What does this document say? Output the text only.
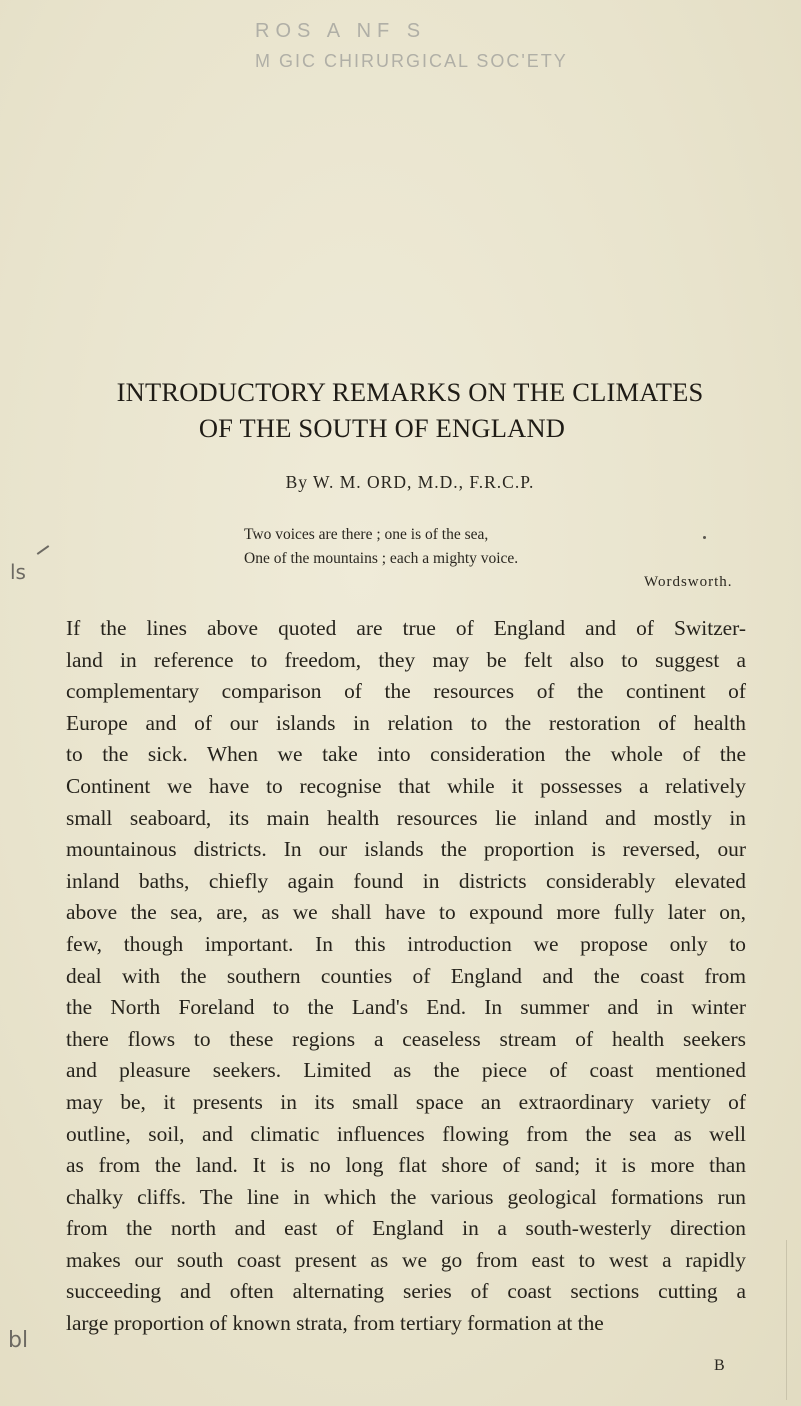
ROS A NF S
M GIC CHIRURGICAL SOC'ETY
INTRODUCTORY REMARKS ON THE CLIMATES
OF THE SOUTH OF ENGLAND
By W. M. ORD, M.D., F.R.C.P.
Two voices are there ; one is of the sea,
One of the mountains ; each a mighty voice.
Wordsworth.
ls
If the lines above quoted are true of England and of Switzer-
land in reference to freedom, they may be felt also to suggest a
complementary comparison of the resources of the continent of
Europe and of our islands in relation to the restoration of health
to the sick. When we take into consideration the whole of the
Continent we have to recognise that while it possesses a relatively
small seaboard, its main health resources lie inland and mostly in
mountainous districts. In our islands the proportion is reversed, our
inland baths, chiefly again found in districts considerably elevated
above the sea, are, as we shall have to expound more fully later on,
few, though important. In this introduction we propose only to
deal with the southern counties of England and the coast from
the North Foreland to the Land's End. In summer and in winter
there flows to these regions a ceaseless stream of health seekers
and pleasure seekers. Limited as the piece of coast mentioned
may be, it presents in its small space an extraordinary variety of
outline, soil, and climatic influences flowing from the sea as well
as from the land. It is no long flat shore of sand; it is more than
chalky cliffs. The line in which the various geological formations run
from the north and east of England in a south-westerly direction
makes our south coast present as we go from east to west a rapidly
succeeding and often alternating series of coast sections cutting a
large proportion of known strata, from tertiary formation at the
B
bl
